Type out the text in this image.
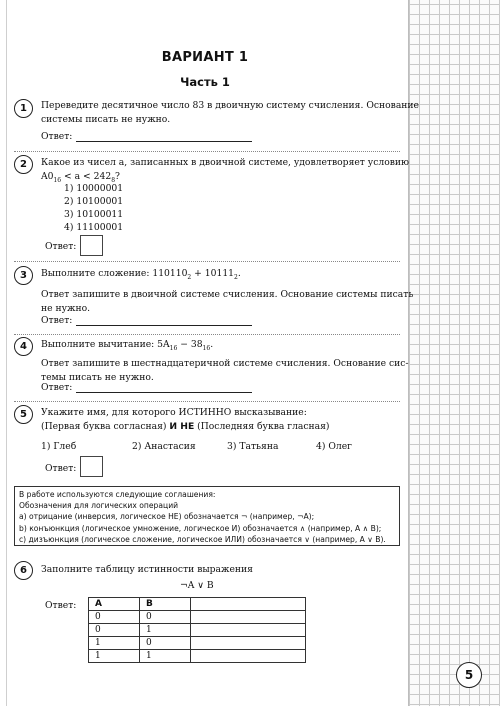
ВАРИАНТ 1
Часть 1
1	Переведите десятичное число 83 в двоичную систему счисления. Основание
системы писать не нужно.
Ответ:
2	Какое из чисел a, записанных в двоичной системе, удовлетворяет условию
$A0_{16} < a < 242_8$?
1) 10000001
2) 10100001
3) 10100011
4) 11100001
Ответ:
3	Выполните сложение: $110110_2 + 10111_2$.
Ответ запишите в двоичной системе счисления. Основание системы писать
не нужно.
Ответ:
4	Выполните вычитание: $5A_{16} - 38_{16}$.
Ответ запишите в шестнадцатеричной системе счисления. Основание сис-
темы писать не нужно.
Ответ:
5	Укажите имя, для которого ИСТИННО высказывание:
(Первая буква согласная) И НЕ (Последняя буква гласная)
1) Глеб	2) Анастасия	3) Татьяна	4) Олег
Ответ:
В работе используются следующие соглашения:
Обозначения для логических операций
a) отрицание (инверсия, логическое НЕ) обозначается ¬ (например, ¬A);
b) конъюнкция (логическое умножение, логическое И) обозначается ∧ (например, A ∧ B);
c) дизъюнкция (логическое сложение, логическое ИЛИ) обозначается ∨ (например, A ∨ B).
6	Заполните таблицу истинности выражения
¬A ∨ B
Ответ: A	B	
0	0	
0	1	
1	0	
1	1	
5
